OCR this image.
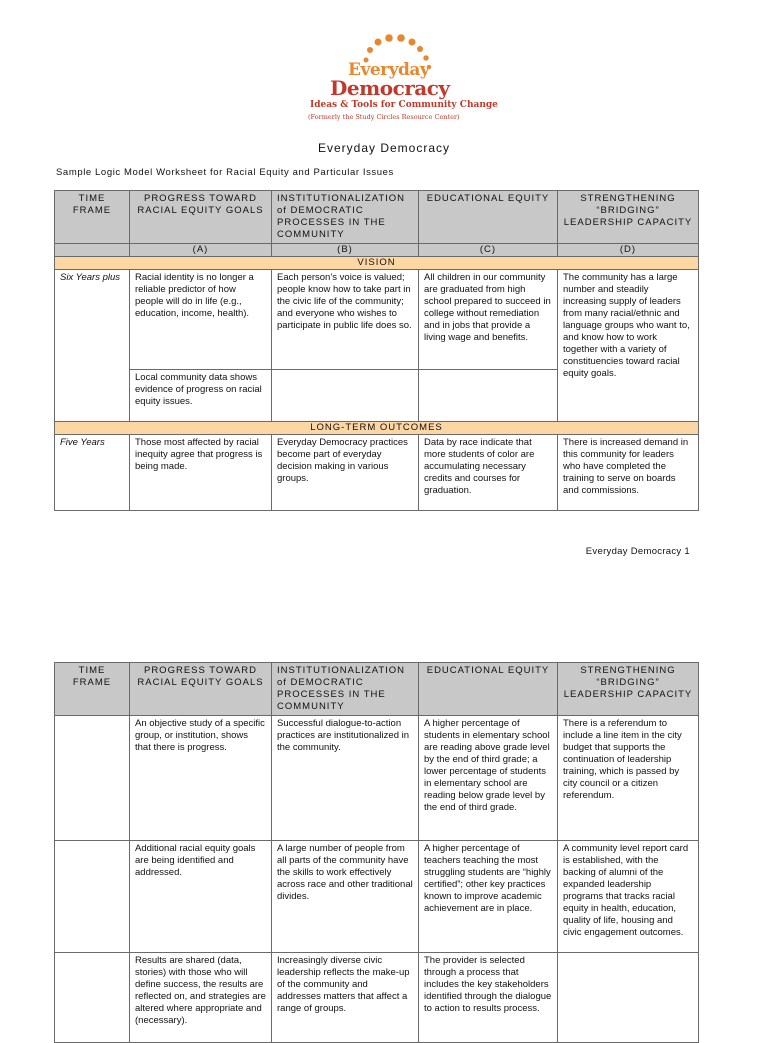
Everyday
Democracy
Ideas & Tools for Community Change
(Formerly the Study Circles Resource Center)
Everyday Democracy
Sample Logic Model Worksheet for Racial Equity and Particular Issues
TIME FRAME	PROGRESS TOWARD RACIAL EQUITY GOALS	INSTITUTIONALIZATION of DEMOCRATIC PROCESSES IN THE COMMUNITY	EDUCATIONAL EQUITY	STRENGTHENING “BRIDGING” LEADERSHIP CAPACITY
	(A)	(B)	(C)	(D)
VISION				
Six Years plus	Racial identity is no longer a reliable predictor of how people will do in life (e.g., education, income, health).	Each person’s voice is valued; people know how to take part in the civic life of the community; and everyone who wishes to participate in public life does so.	All children in our community are graduated from high school prepared to succeed in college without remediation and in jobs that provide a living wage and benefits.	The community has a large number and steadily increasing supply of leaders from many racial/ethnic and language groups who want to, and know how to work together with a variety of constituencies toward racial equity goals.
	Local community data shows evidence of progress on racial equity issues.			
LONG-TERM OUTCOMES				
Five Years	Those most affected by racial inequity agree that progress is being made.	Everyday Democracy practices become part of everyday decision making in various groups.	Data by race indicate that more students of color are accumulating necessary credits and courses for graduation.	There is increased demand in this community for leaders who have completed the training to serve on boards and commissions.
Everyday Democracy 1
TIME FRAME	PROGRESS TOWARD RACIAL EQUITY GOALS	INSTITUTIONALIZATION of DEMOCRATIC PROCESSES IN THE COMMUNITY	EDUCATIONAL EQUITY	STRENGTHENING “BRIDGING” LEADERSHIP CAPACITY
	An objective study of a specific group, or institution, shows that there is progress.	Successful dialogue-to-action practices are institutionalized in the community.	A higher percentage of students in elementary school are reading above grade level by the end of third grade; a lower percentage of students in elementary school are reading below grade level by the end of third grade.	There is a referendum to include a line item in the city budget that supports the continuation of leadership training, which is passed by city council or a citizen referendum.
	Additional racial equity goals are being identified and addressed.	A large number of people from all parts of the community have the skills to work effectively across race and other traditional divides.	A higher percentage of teachers teaching the most struggling students are “highly certified”; other key practices known to improve academic achievement are in place.	A community level report card is established, with the backing of alumni of the expanded leadership programs that tracks racial equity in health, education, quality of life, housing and civic engagement outcomes.
	Results are shared (data, stories) with those who will define success, the results are reflected on, and strategies are altered where appropriate and (necessary).	Increasingly diverse civic leadership reflects the make-up of the community and addresses matters that affect a range of groups.	The provider is selected through a process that includes the key stakeholders identified through the dialogue to action to results process.	
